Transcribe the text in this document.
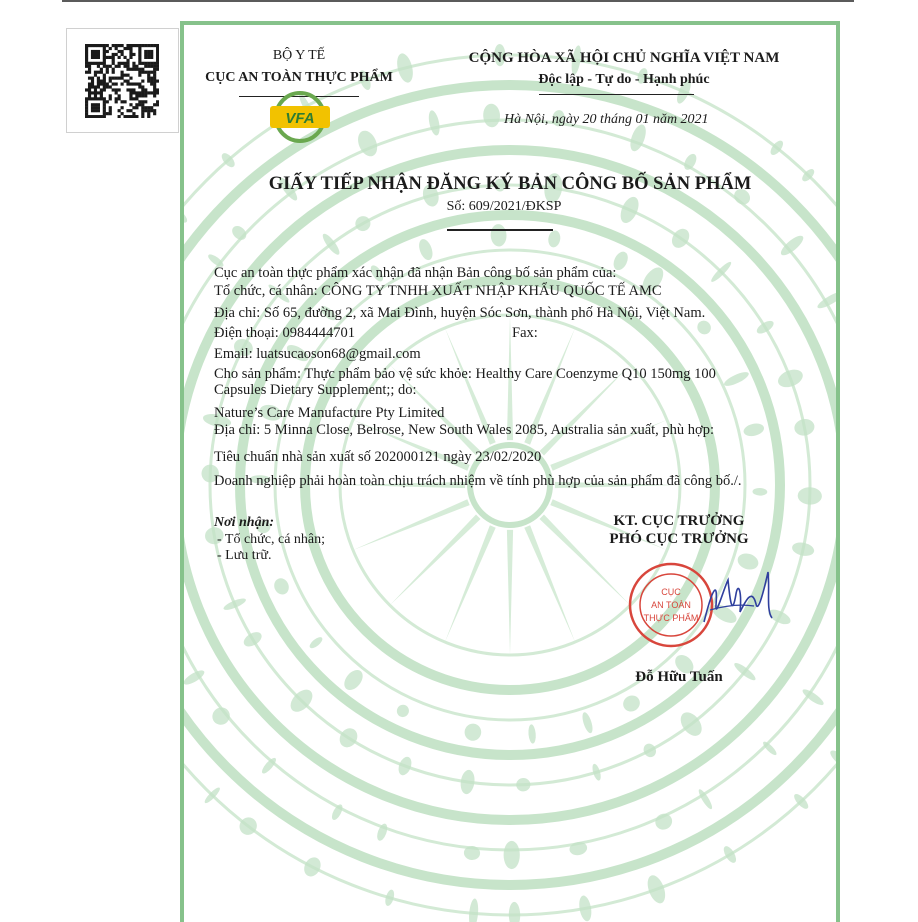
BỘ Y TẾ
CỤC AN TOÀN THỰC PHẨM
VFA
CỘNG HÒA XÃ HỘI CHỦ NGHĨA VIỆT NAM
Độc lập - Tự do - Hạnh phúc
Hà Nội, ngày 20 tháng 01 năm 2021
GIẤY TIẾP NHẬN ĐĂNG KÝ BẢN CÔNG BỐ SẢN PHẨM
Số: 609/2021/ĐKSP
Cục an toàn thực phẩm xác nhận đã nhận Bản công bố sản phẩm của:
Tổ chức, cá nhân: CÔNG TY TNHH XUẤT NHẬP KHẨU QUỐC TẾ AMC
Địa chỉ: Số 65, đường 2, xã Mai Đình, huyện Sóc Sơn, thành phố Hà Nội, Việt Nam.
Điện thoại: 0984444701	Fax:
Email: luatsucaoson68@gmail.com
Cho sản phẩm: Thực phẩm bảo vệ sức khỏe: Healthy Care Coenzyme Q10 150mg 100
Capsules Dietary Supplement;; do:
Nature’s Care Manufacture Pty Limited
Địa chỉ: 5 Minna Close, Belrose, New South Wales 2085, Australia sản xuất, phù hợp:
Tiêu chuẩn nhà sản xuất số 202000121 ngày 23/02/2020
Doanh nghiệp phải hoàn toàn chịu trách nhiệm về tính phù hợp của sản phẩm đã công bố./.
Nơi nhận:
- Tổ chức, cá nhân;
- Lưu trữ.
KT. CỤC TRƯỞNG
PHÓ CỤC TRƯỞNG
CỤC
AN TOÀN
THỰC PHẨM
Đỗ Hữu Tuấn
